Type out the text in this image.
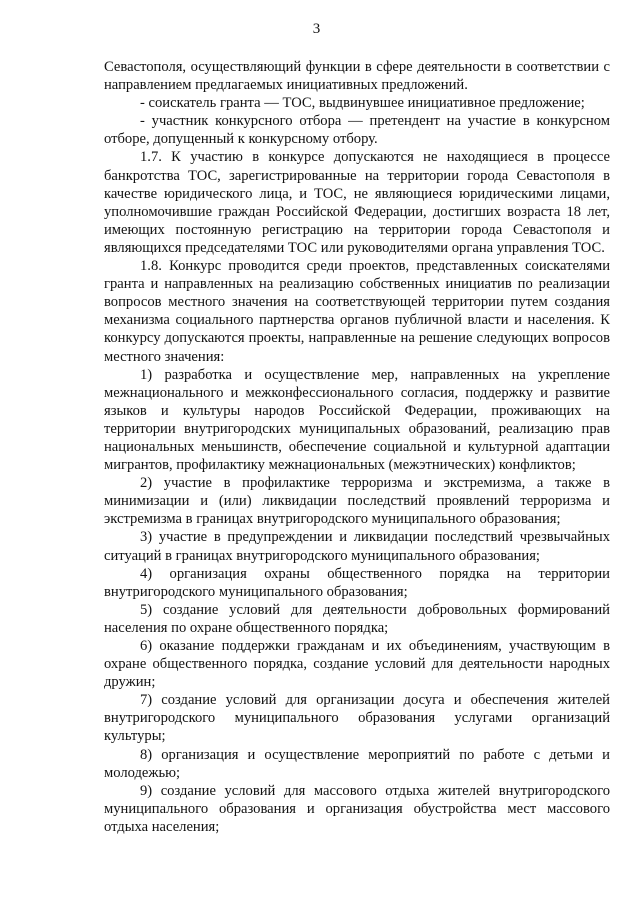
3

Севастополя, осуществляющий функции в сфере деятельности в соответствии с направлением предлагаемых инициативных предложений.

- соискатель гранта — ТОС, выдвинувшее инициативное предложение;

- участник конкурсного отбора — претендент на участие в конкурсном отборе, допущенный к конкурсному отбору.

1.7. К участию в конкурсе допускаются не находящиеся в процессе банкротства ТОС, зарегистрированные на территории города Севастополя в качестве юридического лица, и ТОС, не являющиеся юридическими лицами, уполномочившие граждан Российской Федерации, достигших возраста 18 лет, имеющих постоянную регистрацию на территории города Севастополя и являющихся председателями ТОС или руководителями органа управления ТОС.

1.8. Конкурс проводится среди проектов, представленных соискателями гранта и направленных на реализацию собственных инициатив по реализации вопросов местного значения на соответствующей территории путем создания механизма социального партнерства органов публичной власти и населения. К конкурсу допускаются проекты, направленные на решение следующих вопросов местного значения:

1) разработка и осуществление мер, направленных на укрепление межнационального и межконфессионального согласия, поддержку и развитие языков и культуры народов Российской Федерации, проживающих на территории внутригородских муниципальных образований, реализацию прав национальных меньшинств, обеспечение социальной и культурной адаптации мигрантов, профилактику межнациональных (межэтнических) конфликтов;

2) участие в профилактике терроризма и экстремизма, а также в минимизации и (или) ликвидации последствий проявлений терроризма и экстремизма в границах внутригородского муниципального образования;

3) участие в предупреждении и ликвидации последствий чрезвычайных ситуаций в границах внутригородского муниципального образования;

4) организация охраны общественного порядка на территории внутригородского муниципального образования;

5) создание условий для деятельности добровольных формирований населения по охране общественного порядка;

6) оказание поддержки гражданам и их объединениям, участвующим в охране общественного порядка, создание условий для деятельности народных дружин;

7) создание условий для организации досуга и обеспечения жителей внутригородского муниципального образования услугами организаций культуры;

8) организация и осуществление мероприятий по работе с детьми и молодежью;

9) создание условий для массового отдыха жителей внутригородского муниципального образования и организация обустройства мест массового отдыха населения;
